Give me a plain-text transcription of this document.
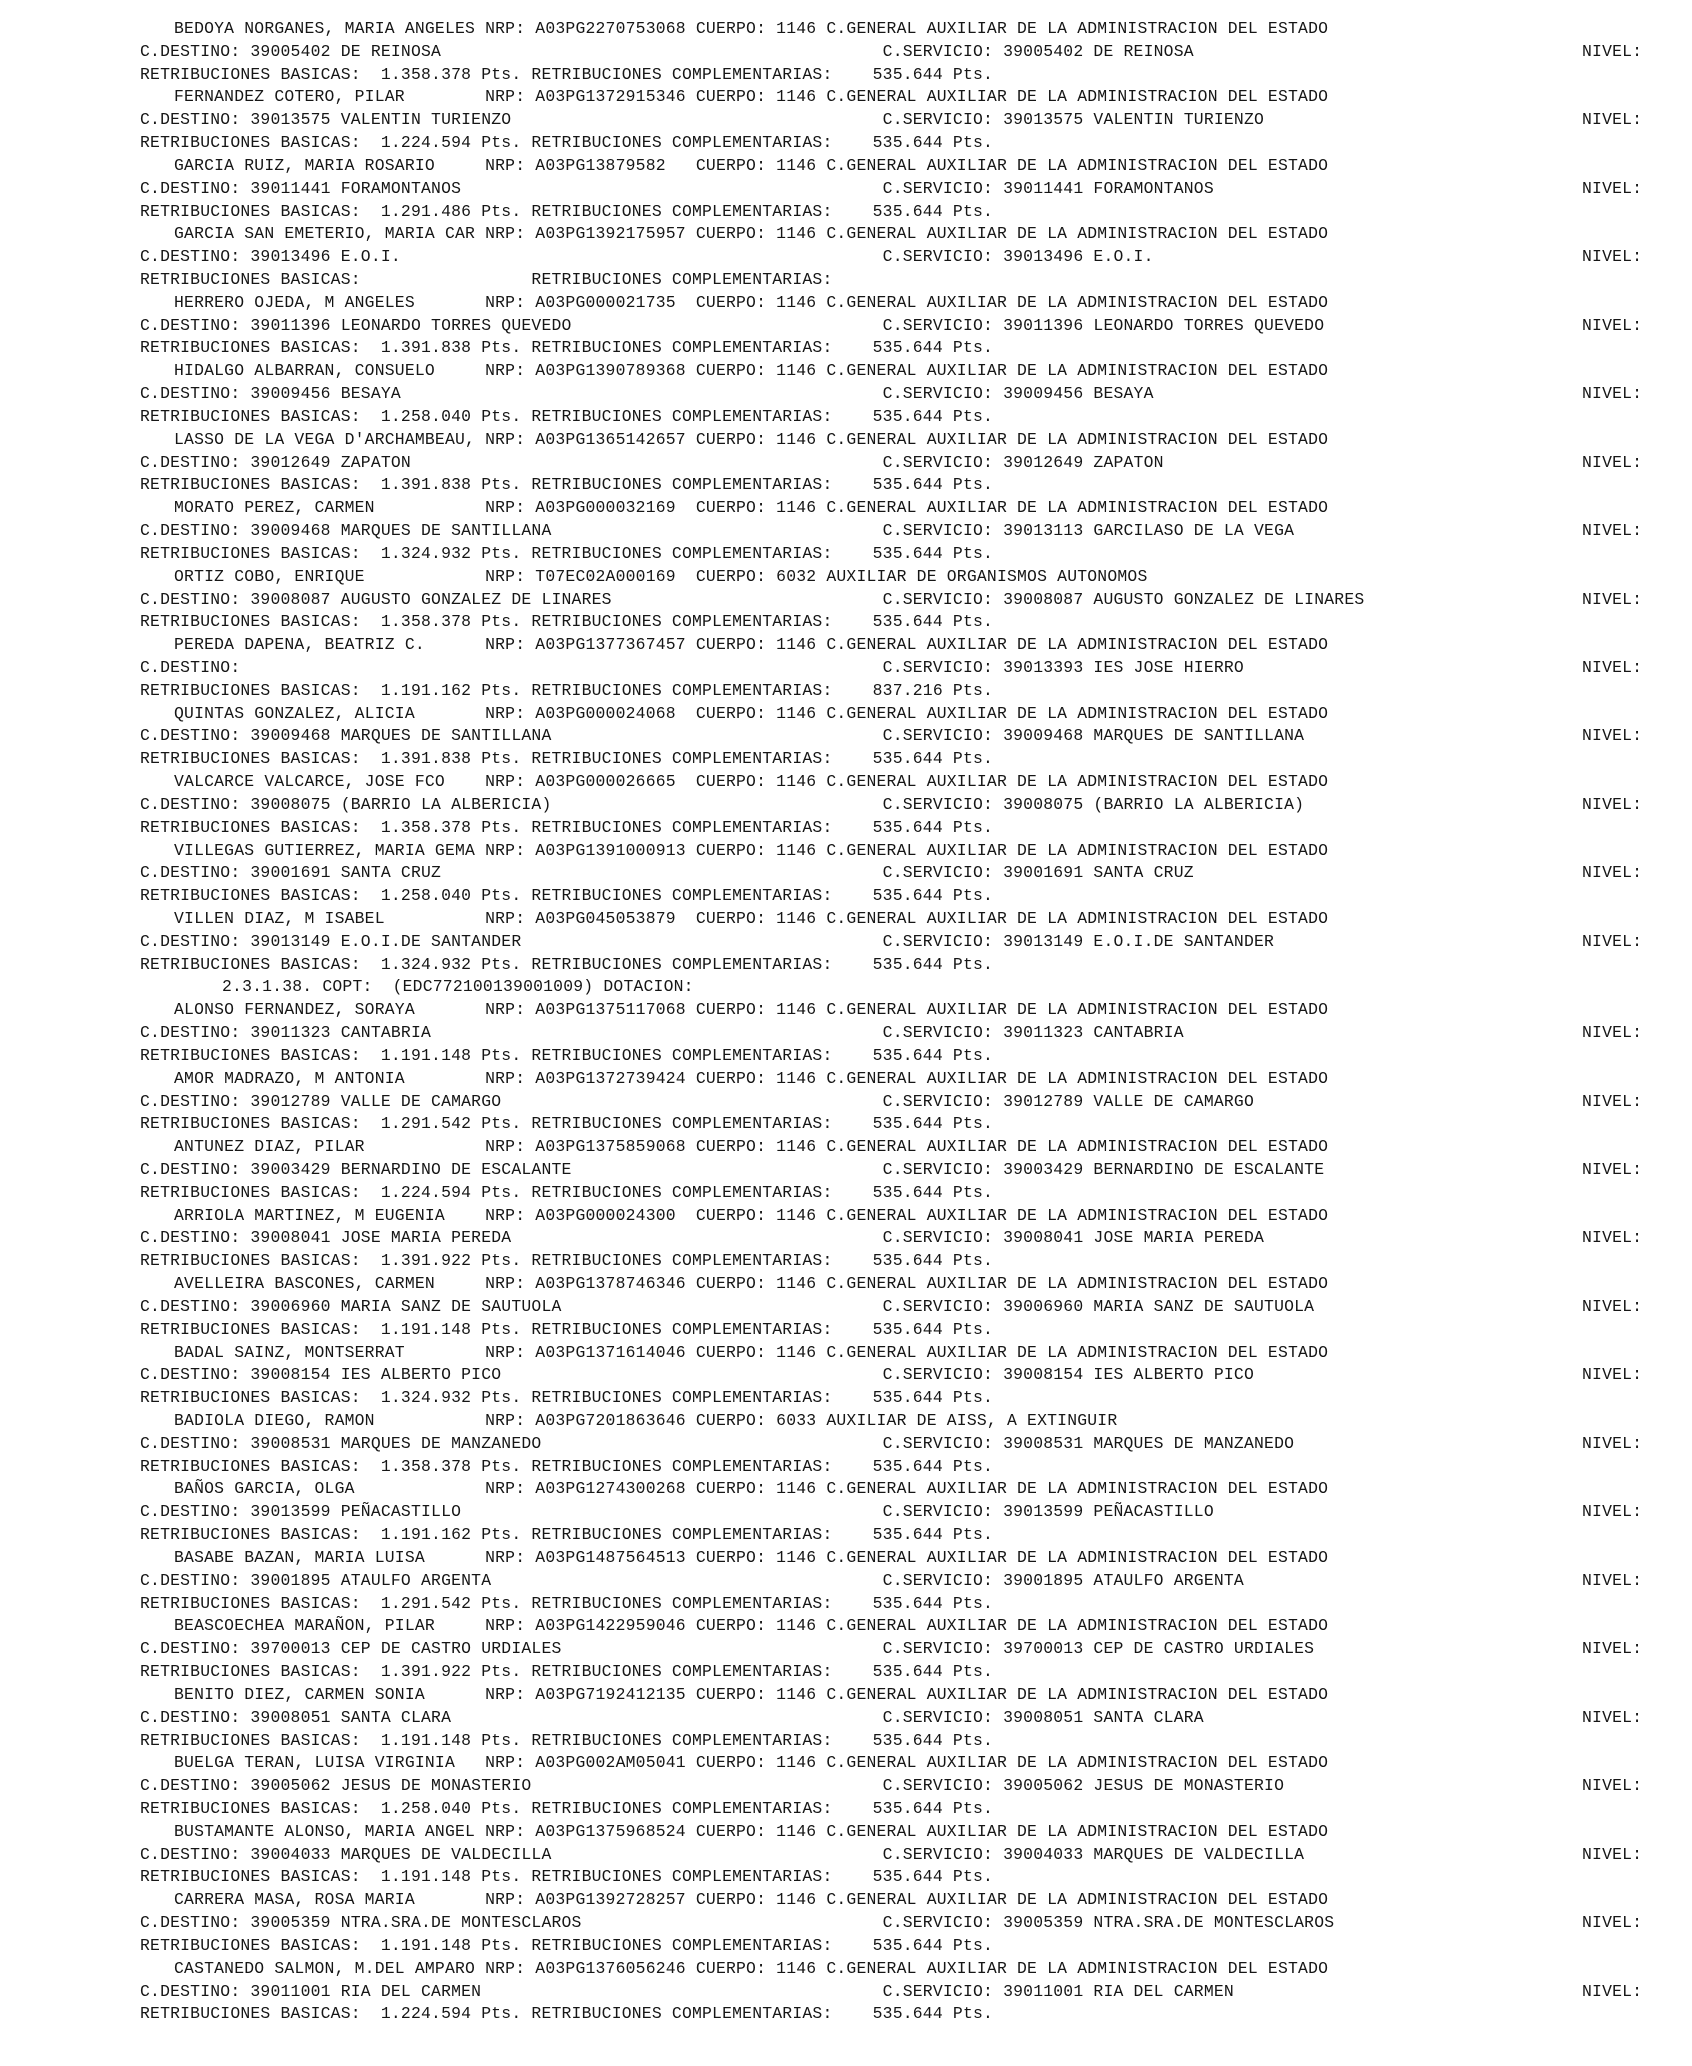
BEDOYA NORGANES, MARIA ANGELES NRP: A03PG2270753068 CUERPO: 1146 C.GENERAL AUXILIAR DE LA ADMINISTRACION DEL ESTADO
C.DESTINO: 39005402 DE REINOSA                                            C.SERVICIO: 39005402 DE REINOSA	NIVEL:
RETRIBUCIONES BASICAS:  1.358.378 Pts. RETRIBUCIONES COMPLEMENTARIAS:    535.644 Pts.
FERNANDEZ COTERO, PILAR        NRP: A03PG1372915346 CUERPO: 1146 C.GENERAL AUXILIAR DE LA ADMINISTRACION DEL ESTADO
C.DESTINO: 39013575 VALENTIN TURIENZO                                     C.SERVICIO: 39013575 VALENTIN TURIENZO	NIVEL:
RETRIBUCIONES BASICAS:  1.224.594 Pts. RETRIBUCIONES COMPLEMENTARIAS:    535.644 Pts.
GARCIA RUIZ, MARIA ROSARIO     NRP: A03PG13879582   CUERPO: 1146 C.GENERAL AUXILIAR DE LA ADMINISTRACION DEL ESTADO
C.DESTINO: 39011441 FORAMONTANOS                                          C.SERVICIO: 39011441 FORAMONTANOS	NIVEL:
RETRIBUCIONES BASICAS:  1.291.486 Pts. RETRIBUCIONES COMPLEMENTARIAS:    535.644 Pts.
GARCIA SAN EMETERIO, MARIA CAR NRP: A03PG1392175957 CUERPO: 1146 C.GENERAL AUXILIAR DE LA ADMINISTRACION DEL ESTADO
C.DESTINO: 39013496 E.O.I.                                                C.SERVICIO: 39013496 E.O.I.	NIVEL:
RETRIBUCIONES BASICAS:                 RETRIBUCIONES COMPLEMENTARIAS:
HERRERO OJEDA, M ANGELES       NRP: A03PG000021735  CUERPO: 1146 C.GENERAL AUXILIAR DE LA ADMINISTRACION DEL ESTADO
C.DESTINO: 39011396 LEONARDO TORRES QUEVEDO                               C.SERVICIO: 39011396 LEONARDO TORRES QUEVEDO	NIVEL:
RETRIBUCIONES BASICAS:  1.391.838 Pts. RETRIBUCIONES COMPLEMENTARIAS:    535.644 Pts.
HIDALGO ALBARRAN, CONSUELO     NRP: A03PG1390789368 CUERPO: 1146 C.GENERAL AUXILIAR DE LA ADMINISTRACION DEL ESTADO
C.DESTINO: 39009456 BESAYA                                                C.SERVICIO: 39009456 BESAYA	NIVEL:
RETRIBUCIONES BASICAS:  1.258.040 Pts. RETRIBUCIONES COMPLEMENTARIAS:    535.644 Pts.
LASSO DE LA VEGA D'ARCHAMBEAU, NRP: A03PG1365142657 CUERPO: 1146 C.GENERAL AUXILIAR DE LA ADMINISTRACION DEL ESTADO
C.DESTINO: 39012649 ZAPATON                                               C.SERVICIO: 39012649 ZAPATON	NIVEL:
RETRIBUCIONES BASICAS:  1.391.838 Pts. RETRIBUCIONES COMPLEMENTARIAS:    535.644 Pts.
MORATO PEREZ, CARMEN           NRP: A03PG000032169  CUERPO: 1146 C.GENERAL AUXILIAR DE LA ADMINISTRACION DEL ESTADO
C.DESTINO: 39009468 MARQUES DE SANTILLANA                                 C.SERVICIO: 39013113 GARCILASO DE LA VEGA	NIVEL:
RETRIBUCIONES BASICAS:  1.324.932 Pts. RETRIBUCIONES COMPLEMENTARIAS:    535.644 Pts.
ORTIZ COBO, ENRIQUE            NRP: T07EC02A000169  CUERPO: 6032 AUXILIAR DE ORGANISMOS AUTONOMOS
C.DESTINO: 39008087 AUGUSTO GONZALEZ DE LINARES                           C.SERVICIO: 39008087 AUGUSTO GONZALEZ DE LINARES	NIVEL:
RETRIBUCIONES BASICAS:  1.358.378 Pts. RETRIBUCIONES COMPLEMENTARIAS:    535.644 Pts.
PEREDA DAPENA, BEATRIZ C.      NRP: A03PG1377367457 CUERPO: 1146 C.GENERAL AUXILIAR DE LA ADMINISTRACION DEL ESTADO
C.DESTINO:                                                                C.SERVICIO: 39013393 IES JOSE HIERRO	NIVEL:
RETRIBUCIONES BASICAS:  1.191.162 Pts. RETRIBUCIONES COMPLEMENTARIAS:    837.216 Pts.
QUINTAS GONZALEZ, ALICIA       NRP: A03PG000024068  CUERPO: 1146 C.GENERAL AUXILIAR DE LA ADMINISTRACION DEL ESTADO
C.DESTINO: 39009468 MARQUES DE SANTILLANA                                 C.SERVICIO: 39009468 MARQUES DE SANTILLANA	NIVEL:
RETRIBUCIONES BASICAS:  1.391.838 Pts. RETRIBUCIONES COMPLEMENTARIAS:    535.644 Pts.
VALCARCE VALCARCE, JOSE FCO    NRP: A03PG000026665  CUERPO: 1146 C.GENERAL AUXILIAR DE LA ADMINISTRACION DEL ESTADO
C.DESTINO: 39008075 (BARRIO LA ALBERICIA)                                 C.SERVICIO: 39008075 (BARRIO LA ALBERICIA)	NIVEL:
RETRIBUCIONES BASICAS:  1.358.378 Pts. RETRIBUCIONES COMPLEMENTARIAS:    535.644 Pts.
VILLEGAS GUTIERREZ, MARIA GEMA NRP: A03PG1391000913 CUERPO: 1146 C.GENERAL AUXILIAR DE LA ADMINISTRACION DEL ESTADO
C.DESTINO: 39001691 SANTA CRUZ                                            C.SERVICIO: 39001691 SANTA CRUZ	NIVEL:
RETRIBUCIONES BASICAS:  1.258.040 Pts. RETRIBUCIONES COMPLEMENTARIAS:    535.644 Pts.
VILLEN DIAZ, M ISABEL          NRP: A03PG045053879  CUERPO: 1146 C.GENERAL AUXILIAR DE LA ADMINISTRACION DEL ESTADO
C.DESTINO: 39013149 E.O.I.DE SANTANDER                                    C.SERVICIO: 39013149 E.O.I.DE SANTANDER	NIVEL:
RETRIBUCIONES BASICAS:  1.324.932 Pts. RETRIBUCIONES COMPLEMENTARIAS:    535.644 Pts.
2.3.1.38. COPT:  (EDC772100139001009) DOTACION:
ALONSO FERNANDEZ, SORAYA       NRP: A03PG1375117068 CUERPO: 1146 C.GENERAL AUXILIAR DE LA ADMINISTRACION DEL ESTADO
C.DESTINO: 39011323 CANTABRIA                                             C.SERVICIO: 39011323 CANTABRIA	NIVEL:
RETRIBUCIONES BASICAS:  1.191.148 Pts. RETRIBUCIONES COMPLEMENTARIAS:    535.644 Pts.
AMOR MADRAZO, M ANTONIA        NRP: A03PG1372739424 CUERPO: 1146 C.GENERAL AUXILIAR DE LA ADMINISTRACION DEL ESTADO
C.DESTINO: 39012789 VALLE DE CAMARGO                                      C.SERVICIO: 39012789 VALLE DE CAMARGO	NIVEL:
RETRIBUCIONES BASICAS:  1.291.542 Pts. RETRIBUCIONES COMPLEMENTARIAS:    535.644 Pts.
ANTUNEZ DIAZ, PILAR            NRP: A03PG1375859068 CUERPO: 1146 C.GENERAL AUXILIAR DE LA ADMINISTRACION DEL ESTADO
C.DESTINO: 39003429 BERNARDINO DE ESCALANTE                               C.SERVICIO: 39003429 BERNARDINO DE ESCALANTE	NIVEL:
RETRIBUCIONES BASICAS:  1.224.594 Pts. RETRIBUCIONES COMPLEMENTARIAS:    535.644 Pts.
ARRIOLA MARTINEZ, M EUGENIA    NRP: A03PG000024300  CUERPO: 1146 C.GENERAL AUXILIAR DE LA ADMINISTRACION DEL ESTADO
C.DESTINO: 39008041 JOSE MARIA PEREDA                                     C.SERVICIO: 39008041 JOSE MARIA PEREDA	NIVEL:
RETRIBUCIONES BASICAS:  1.391.922 Pts. RETRIBUCIONES COMPLEMENTARIAS:    535.644 Pts.
AVELLEIRA BASCONES, CARMEN     NRP: A03PG1378746346 CUERPO: 1146 C.GENERAL AUXILIAR DE LA ADMINISTRACION DEL ESTADO
C.DESTINO: 39006960 MARIA SANZ DE SAUTUOLA                                C.SERVICIO: 39006960 MARIA SANZ DE SAUTUOLA	NIVEL:
RETRIBUCIONES BASICAS:  1.191.148 Pts. RETRIBUCIONES COMPLEMENTARIAS:    535.644 Pts.
BADAL SAINZ, MONTSERRAT        NRP: A03PG1371614046 CUERPO: 1146 C.GENERAL AUXILIAR DE LA ADMINISTRACION DEL ESTADO
C.DESTINO: 39008154 IES ALBERTO PICO                                      C.SERVICIO: 39008154 IES ALBERTO PICO	NIVEL:
RETRIBUCIONES BASICAS:  1.324.932 Pts. RETRIBUCIONES COMPLEMENTARIAS:    535.644 Pts.
BADIOLA DIEGO, RAMON           NRP: A03PG7201863646 CUERPO: 6033 AUXILIAR DE AISS, A EXTINGUIR
C.DESTINO: 39008531 MARQUES DE MANZANEDO                                  C.SERVICIO: 39008531 MARQUES DE MANZANEDO	NIVEL:
RETRIBUCIONES BASICAS:  1.358.378 Pts. RETRIBUCIONES COMPLEMENTARIAS:    535.644 Pts.
BAÑOS GARCIA, OLGA             NRP: A03PG1274300268 CUERPO: 1146 C.GENERAL AUXILIAR DE LA ADMINISTRACION DEL ESTADO
C.DESTINO: 39013599 PEÑACASTILLO                                          C.SERVICIO: 39013599 PEÑACASTILLO	NIVEL:
RETRIBUCIONES BASICAS:  1.191.162 Pts. RETRIBUCIONES COMPLEMENTARIAS:    535.644 Pts.
BASABE BAZAN, MARIA LUISA      NRP: A03PG1487564513 CUERPO: 1146 C.GENERAL AUXILIAR DE LA ADMINISTRACION DEL ESTADO
C.DESTINO: 39001895 ATAULFO ARGENTA                                       C.SERVICIO: 39001895 ATAULFO ARGENTA	NIVEL:
RETRIBUCIONES BASICAS:  1.291.542 Pts. RETRIBUCIONES COMPLEMENTARIAS:    535.644 Pts.
BEASCOECHEA MARAÑON, PILAR     NRP: A03PG1422959046 CUERPO: 1146 C.GENERAL AUXILIAR DE LA ADMINISTRACION DEL ESTADO
C.DESTINO: 39700013 CEP DE CASTRO URDIALES                                C.SERVICIO: 39700013 CEP DE CASTRO URDIALES	NIVEL:
RETRIBUCIONES BASICAS:  1.391.922 Pts. RETRIBUCIONES COMPLEMENTARIAS:    535.644 Pts.
BENITO DIEZ, CARMEN SONIA      NRP: A03PG7192412135 CUERPO: 1146 C.GENERAL AUXILIAR DE LA ADMINISTRACION DEL ESTADO
C.DESTINO: 39008051 SANTA CLARA                                           C.SERVICIO: 39008051 SANTA CLARA	NIVEL:
RETRIBUCIONES BASICAS:  1.191.148 Pts. RETRIBUCIONES COMPLEMENTARIAS:    535.644 Pts.
BUELGA TERAN, LUISA VIRGINIA   NRP: A03PG002AM05041 CUERPO: 1146 C.GENERAL AUXILIAR DE LA ADMINISTRACION DEL ESTADO
C.DESTINO: 39005062 JESUS DE MONASTERIO                                   C.SERVICIO: 39005062 JESUS DE MONASTERIO	NIVEL:
RETRIBUCIONES BASICAS:  1.258.040 Pts. RETRIBUCIONES COMPLEMENTARIAS:    535.644 Pts.
BUSTAMANTE ALONSO, MARIA ANGEL NRP: A03PG1375968524 CUERPO: 1146 C.GENERAL AUXILIAR DE LA ADMINISTRACION DEL ESTADO
C.DESTINO: 39004033 MARQUES DE VALDECILLA                                 C.SERVICIO: 39004033 MARQUES DE VALDECILLA	NIVEL:
RETRIBUCIONES BASICAS:  1.191.148 Pts. RETRIBUCIONES COMPLEMENTARIAS:    535.644 Pts.
CARRERA MASA, ROSA MARIA       NRP: A03PG1392728257 CUERPO: 1146 C.GENERAL AUXILIAR DE LA ADMINISTRACION DEL ESTADO
C.DESTINO: 39005359 NTRA.SRA.DE MONTESCLAROS                              C.SERVICIO: 39005359 NTRA.SRA.DE MONTESCLAROS	NIVEL:
RETRIBUCIONES BASICAS:  1.191.148 Pts. RETRIBUCIONES COMPLEMENTARIAS:    535.644 Pts.
CASTANEDO SALMON, M.DEL AMPARO NRP: A03PG1376056246 CUERPO: 1146 C.GENERAL AUXILIAR DE LA ADMINISTRACION DEL ESTADO
C.DESTINO: 39011001 RIA DEL CARMEN                                        C.SERVICIO: 39011001 RIA DEL CARMEN	NIVEL:
RETRIBUCIONES BASICAS:  1.224.594 Pts. RETRIBUCIONES COMPLEMENTARIAS:    535.644 Pts.
